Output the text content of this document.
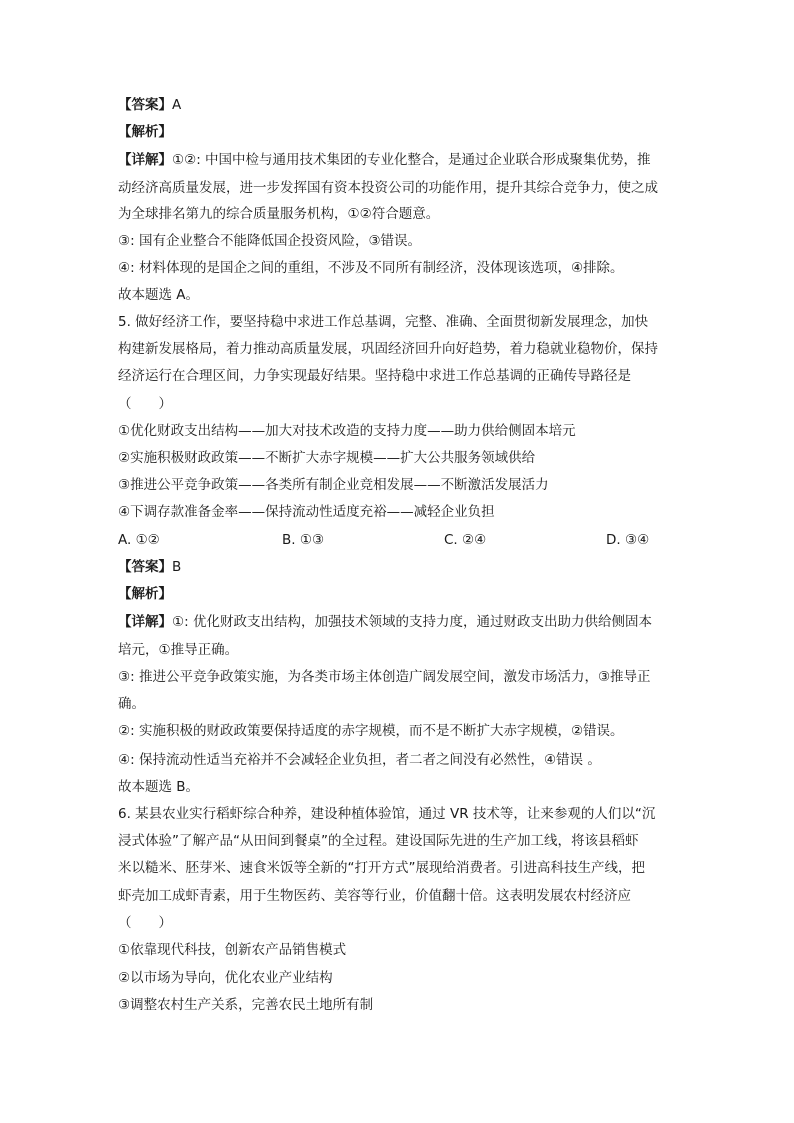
【答案】A
【解析】
【详解】①②: 中国中检与通用技术集团的专业化整合，是通过企业联合形成聚集优势，推
动经济高质量发展，进一步发挥国有资本投资公司的功能作用，提升其综合竞争力，使之成
为全球排名第九的综合质量服务机构，①②符合题意。
③: 国有企业整合不能降低国企投资风险，③错误。
④: 材料体现的是国企之间的重组，不涉及不同所有制经济，没体现该选项，④排除。
故本题选 A。
5. 做好经济工作，要坚持稳中求进工作总基调，完整、准确、全面贯彻新发展理念，加快
构建新发展格局，着力推动高质量发展，巩固经济回升向好趋势，着力稳就业稳物价，保持
经济运行在合理区间，力争实现最好结果。坚持稳中求进工作总基调的正确传导路径是
（　　）
①优化财政支出结构——加大对技术改造的支持力度——助力供给侧固本培元
②实施积极财政政策——不断扩大赤字规模——扩大公共服务领域供给
③推进公平竞争政策——各类所有制企业竞相发展——不断激活发展活力
④下调存款准备金率——保持流动性适度充裕——减轻企业负担
A. ①②	B. ①③	C. ②④	D. ③④
【答案】B
【解析】
【详解】①: 优化财政支出结构，加强技术领域的支持力度，通过财政支出助力供给侧固本
培元，①推导正确。
③: 推进公平竞争政策实施，为各类市场主体创造广阔发展空间，激发市场活力，③推导正
确。
②: 实施积极的财政政策要保持适度的赤字规模，而不是不断扩大赤字规模，②错误。
④: 保持流动性适当充裕并不会减轻企业负担，者二者之间没有必然性，④错误 。
故本题选 B。
6. 某县农业实行稻虾综合种养，建设种植体验馆，通过 VR 技术等，让来参观的人们以“沉
浸式体验”了解产品“从田间到餐桌”的全过程。建设国际先进的生产加工线，将该县稻虾
米以糙米、胚芽米、速食米饭等全新的“打开方式”展现给消费者。引进高科技生产线，把
虾壳加工成虾青素，用于生物医药、美容等行业，价值翻十倍。这表明发展农村经济应
（　　）
①依靠现代科技，创新农产品销售模式
②以市场为导向，优化农业产业结构
③调整农村生产关系，完善农民土地所有制
